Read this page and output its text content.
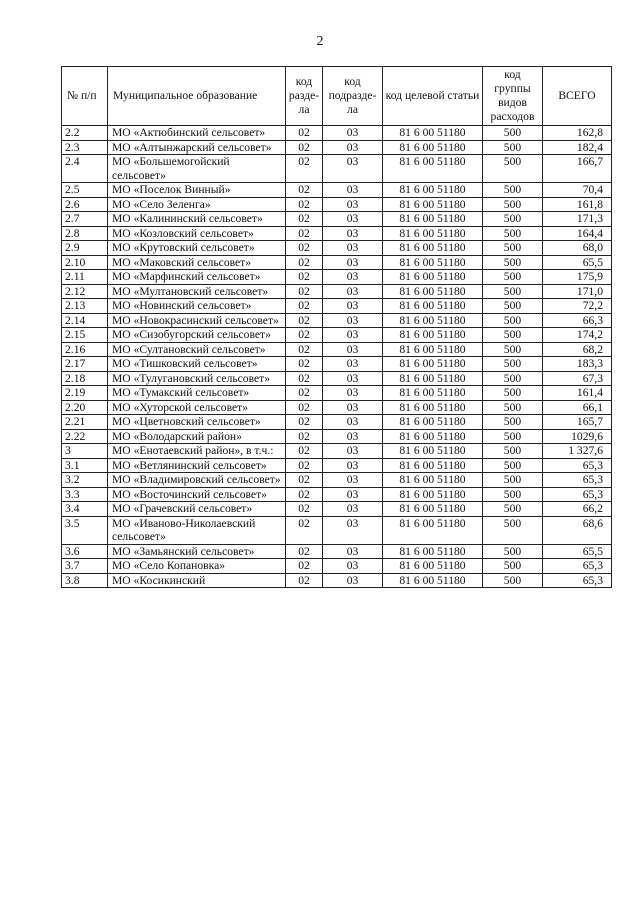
2
№ п/п	Муниципальное образование	код разде-ла	код подразде-ла	код целевой статьи	код группы видов расходов	ВСЕГО
2.2	МО «Актюбинский сельсовет»	02	03	81 6 00 51180	500	162,8
2.3	МО «Алтынжарский сельсовет»	02	03	81 6 00 51180	500	182,4
2.4	МО «Большемогойский сельсовет»	02	03	81 6 00 51180	500	166,7
2.5	МО «Поселок Винный»	02	03	81 6 00 51180	500	70,4
2.6	МО «Село Зеленга»	02	03	81 6 00 51180	500	161,8
2.7	МО «Калининский сельсовет»	02	03	81 6 00 51180	500	171,3
2.8	МО «Козловский сельсовет»	02	03	81 6 00 51180	500	164,4
2.9	МО «Крутовский сельсовет»	02	03	81 6 00 51180	500	68,0
2.10	МО «Маковский сельсовет»	02	03	81 6 00 51180	500	65,5
2.11	МО «Марфинский сельсовет»	02	03	81 6 00 51180	500	175,9
2.12	МО «Мултановский сельсовет»	02	03	81 6 00 51180	500	171,0
2.13	МО «Новинский сельсовет»	02	03	81 6 00 51180	500	72,2
2.14	МО «Новокрасинский сельсовет»	02	03	81 6 00 51180	500	66,3
2.15	МО «Сизобугорский сельсовет»	02	03	81 6 00 51180	500	174,2
2.16	МО «Султановский сельсовет»	02	03	81 6 00 51180	500	68,2
2.17	МО «Тишковский сельсовет»	02	03	81 6 00 51180	500	183,3
2.18	МО «Тулугановский сельсовет»	02	03	81 6 00 51180	500	67,3
2.19	МО «Тумакский сельсовет»	02	03	81 6 00 51180	500	161,4
2.20	МО «Хуторской сельсовет»	02	03	81 6 00 51180	500	66,1
2.21	МО «Цветновский сельсовет»	02	03	81 6 00 51180	500	165,7
2.22	МО «Володарский район»	02	03	81 6 00 51180	500	1029,6
3	МО «Енотаевский район», в т.ч.:	02	03	81 6 00 51180	500	1 327,6
3.1	МО «Ветлянинский сельсовет»	02	03	81 6 00 51180	500	65,3
3.2	МО «Владимировский сельсовет»	02	03	81 6 00 51180	500	65,3
3.3	МО «Восточинский сельсовет»	02	03	81 6 00 51180	500	65,3
3.4	МО «Грачевский сельсовет»	02	03	81 6 00 51180	500	66,2
3.5	МО «Ивановo-Николаевский сельсовет»	02	03	81 6 00 51180	500	68,6
3.6	МО «Замьянский сельсовет»	02	03	81 6 00 51180	500	65,5
3.7	МО «Село Копановка»	02	03	81 6 00 51180	500	65,3
3.8	МО «Косикинский	02	03	81 6 00 51180	500	65,3
